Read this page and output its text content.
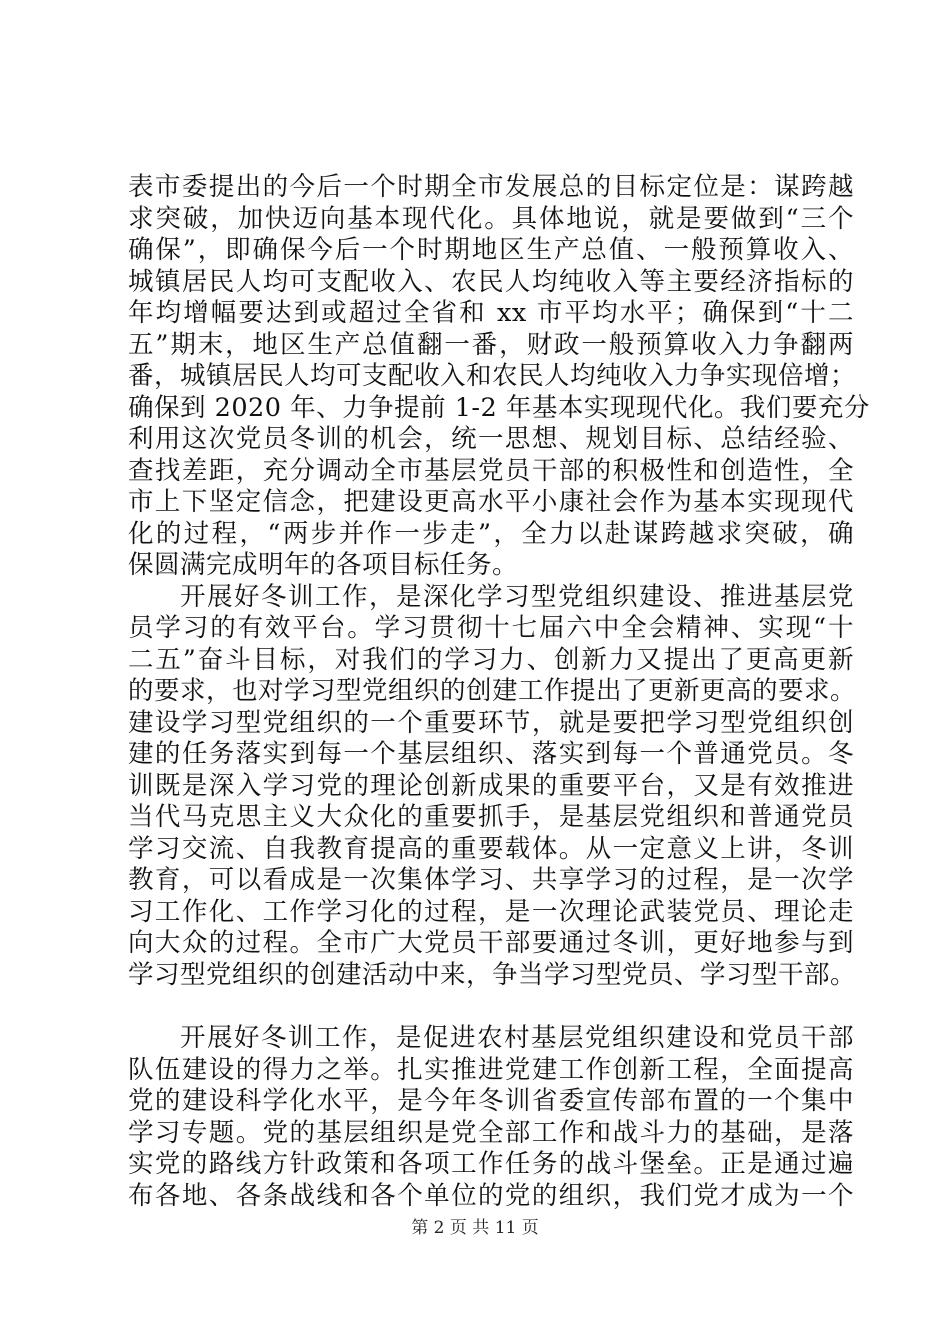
表市委提出的今后一个时期全市发展总的目标定位是：谋跨越
求突破，加快迈向基本现代化。具体地说，就是要做到“三个
确保”，即确保今后一个时期地区生产总值、一般预算收入、
城镇居民人均可支配收入、农民人均纯收入等主要经济指标的
年均增幅要达到或超过全省和 xx 市平均水平；确保到“十二
五”期末，地区生产总值翻一番，财政一般预算收入力争翻两
番，城镇居民人均可支配收入和农民人均纯收入力争实现倍增；
确保到 2020 年、力争提前 1-2 年基本实现现代化。我们要充分
利用这次党员冬训的机会，统一思想、规划目标、总结经验、
查找差距，充分调动全市基层党员干部的积极性和创造性，全
市上下坚定信念，把建设更高水平小康社会作为基本实现现代
化的过程，“两步并作一步走”，全力以赴谋跨越求突破，确
保圆满完成明年的各项目标任务。
开展好冬训工作，是深化学习型党组织建设、推进基层党
员学习的有效平台。学习贯彻十七届六中全会精神、实现“十
二五”奋斗目标，对我们的学习力、创新力又提出了更高更新
的要求，也对学习型党组织的创建工作提出了更新更高的要求。
建设学习型党组织的一个重要环节，就是要把学习型党组织创
建的任务落实到每一个基层组织、落实到每一个普通党员。冬
训既是深入学习党的理论创新成果的重要平台，又是有效推进
当代马克思主义大众化的重要抓手，是基层党组织和普通党员
学习交流、自我教育提高的重要载体。从一定意义上讲，冬训
教育，可以看成是一次集体学习、共享学习的过程，是一次学
习工作化、工作学习化的过程，是一次理论武装党员、理论走
向大众的过程。全市广大党员干部要通过冬训，更好地参与到
学习型党组织的创建活动中来，争当学习型党员、学习型干部。
开展好冬训工作，是促进农村基层党组织建设和党员干部
队伍建设的得力之举。扎实推进党建工作创新工程，全面提高
党的建设科学化水平，是今年冬训省委宣传部布置的一个集中
学习专题。党的基层组织是党全部工作和战斗力的基础，是落
实党的路线方针政策和各项工作任务的战斗堡垒。正是通过遍
布各地、各条战线和各个单位的党的组织，我们党才成为一个
第 2 页 共 11 页
